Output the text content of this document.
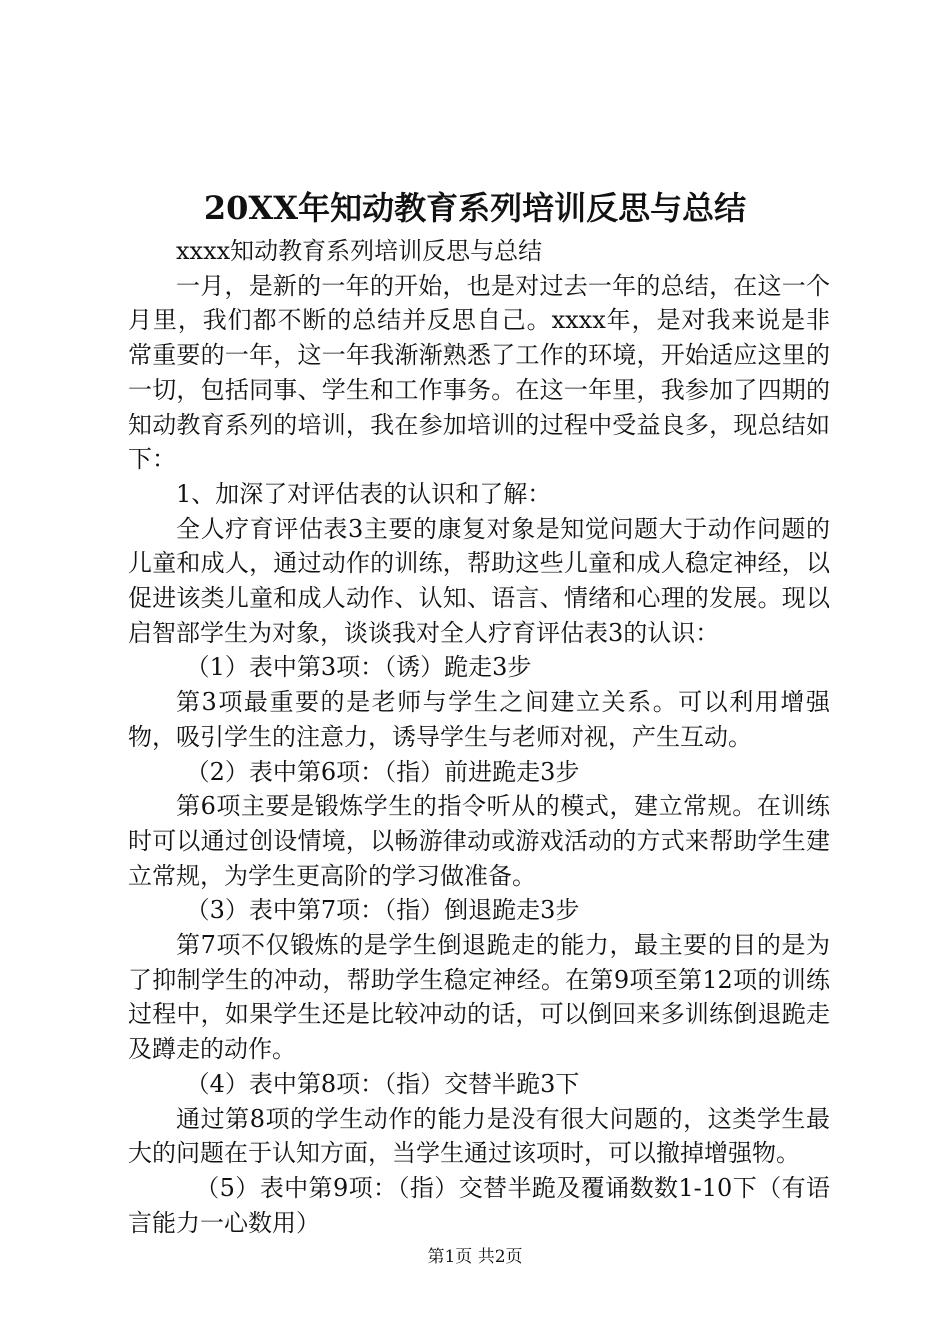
20XX年知动教育系列培训反思与总结

xxxx知动教育系列培训反思与总结

一月，是新的一年的开始，也是对过去一年的总结，在这一个月里，我们都不断的总结并反思自己。xxxx年，是对我来说是非常重要的一年，这一年我渐渐熟悉了工作的环境，开始适应这里的一切，包括同事、学生和工作事务。在这一年里，我参加了四期的知动教育系列的培训，我在参加培训的过程中受益良多，现总结如下：

1、加深了对评估表的认识和了解：

全人疗育评估表3主要的康复对象是知觉问题大于动作问题的儿童和成人，通过动作的训练，帮助这些儿童和成人稳定神经，以促进该类儿童和成人动作、认知、语言、情绪和心理的发展。现以启智部学生为对象，谈谈我对全人疗育评估表3的认识：

（1）表中第3项：（诱）跪走3步

第3项最重要的是老师与学生之间建立关系。可以利用增强物，吸引学生的注意力，诱导学生与老师对视，产生互动。

（2）表中第6项：（指）前进跪走3步

第6项主要是锻炼学生的指令听从的模式，建立常规。在训练时可以通过创设情境，以畅游律动或游戏活动的方式来帮助学生建立常规，为学生更高阶的学习做准备。

（3）表中第7项：（指）倒退跪走3步

第7项不仅锻炼的是学生倒退跪走的能力，最主要的目的是为了抑制学生的冲动，帮助学生稳定神经。在第9项至第12项的训练过程中，如果学生还是比较冲动的话，可以倒回来多训练倒退跪走及蹲走的动作。

（4）表中第8项：（指）交替半跪3下

通过第8项的学生动作的能力是没有很大问题的，这类学生最大的问题在于认知方面，当学生通过该项时，可以撤掉增强物。

（5）表中第9项：（指）交替半跪及覆诵数数1-10下（有语言能力一心数用）

第1页 共2页
